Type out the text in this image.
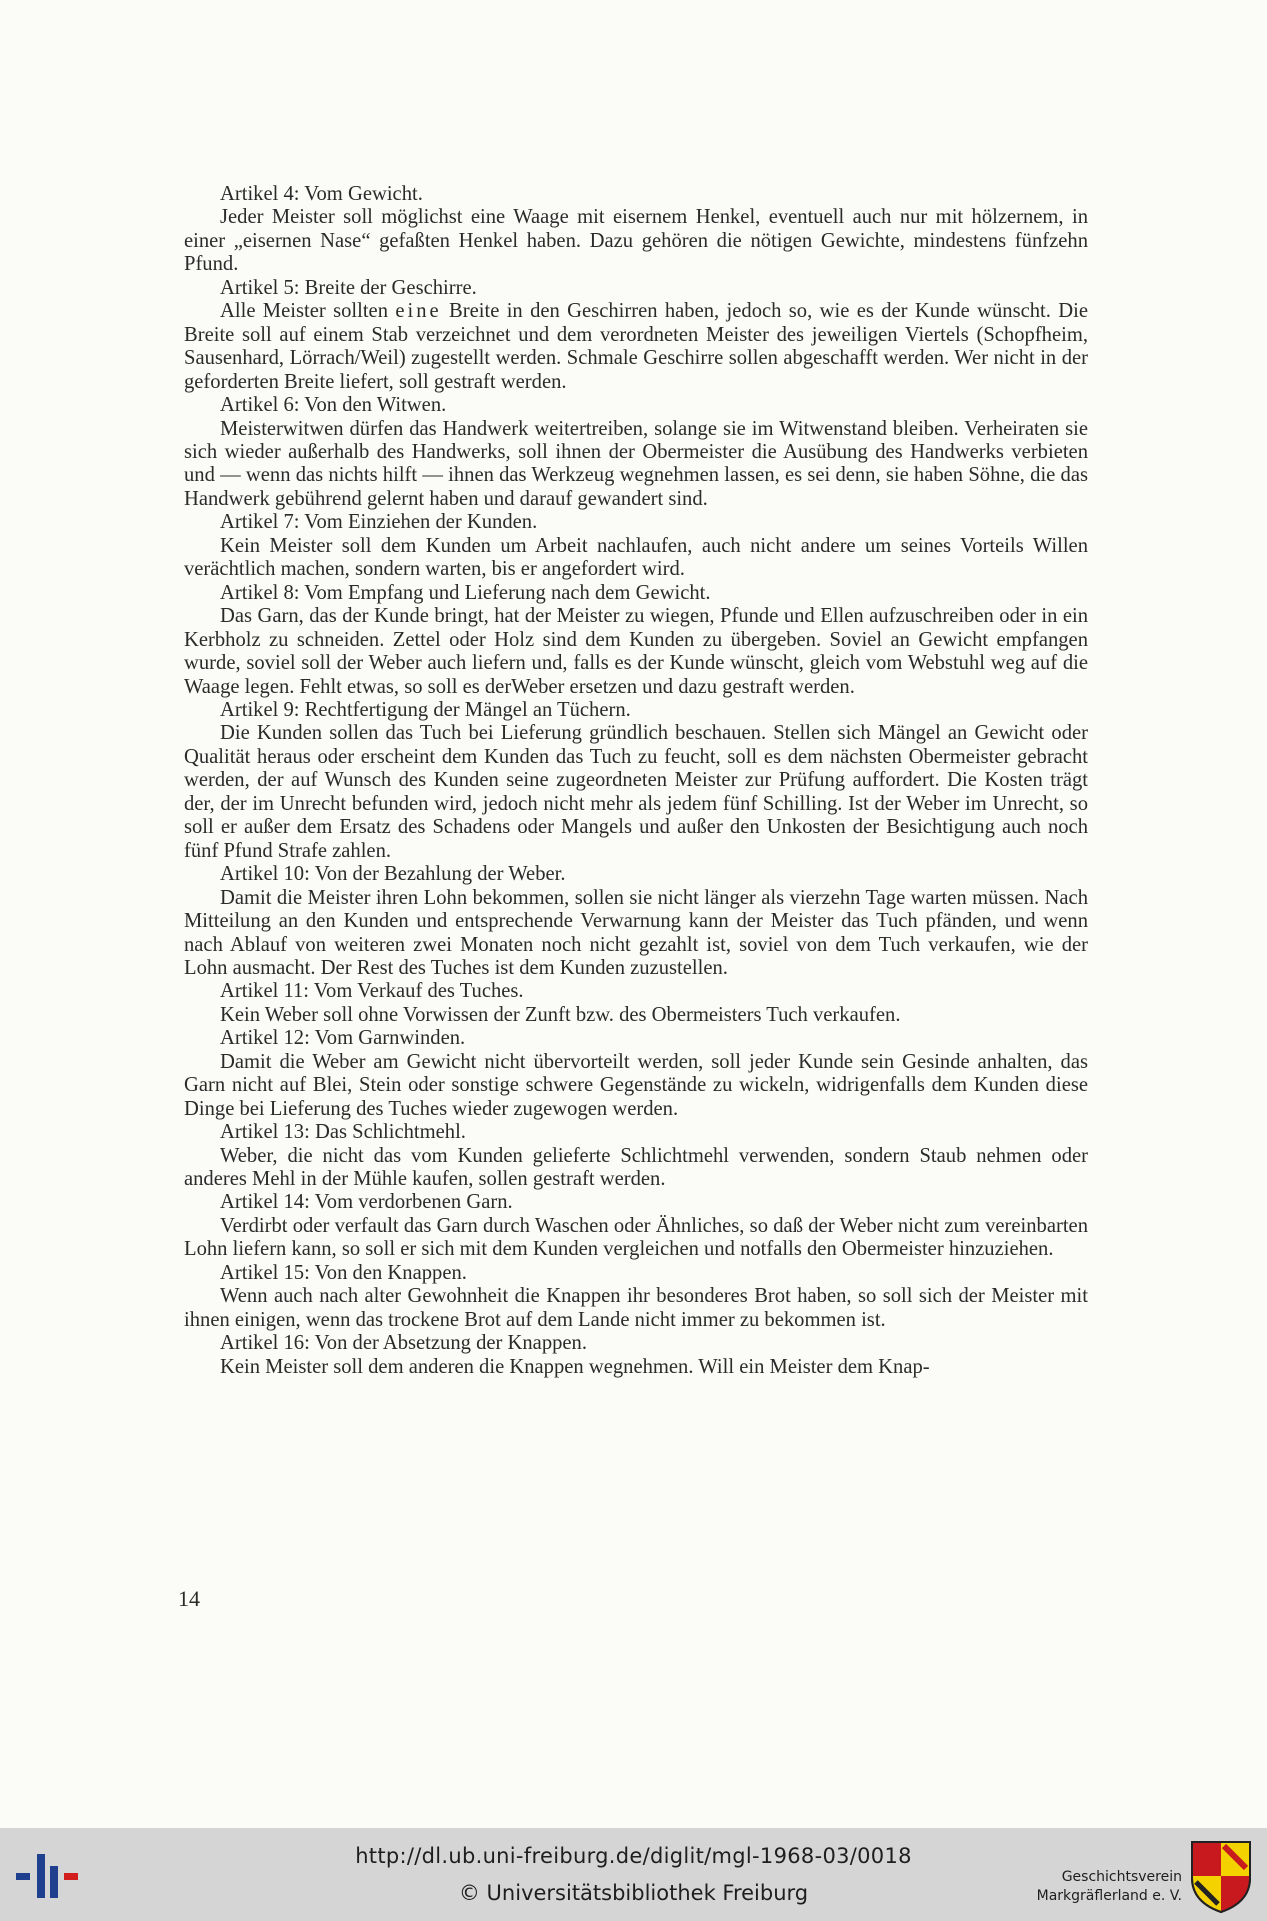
Artikel 4: Vom Gewicht.
Jeder Meister soll möglichst eine Waage mit eisernem Henkel, eventuell auch nur mit hölzernem, in einer „eisernen Nase“ gefaßten Henkel haben. Dazu gehören die nötigen Gewichte, mindestens fünfzehn Pfund.
Artikel 5: Breite der Geschirre.
Alle Meister sollten eine Breite in den Geschirren haben, jedoch so, wie es der Kunde wünscht. Die Breite soll auf einem Stab verzeichnet und dem verordneten Meister des jeweiligen Viertels (Schopfheim, Sausenhard, Lörrach/Weil) zugestellt werden. Schmale Geschirre sollen abgeschafft werden. Wer nicht in der geforderten Breite liefert, soll gestraft werden.
Artikel 6: Von den Witwen.
Meisterwitwen dürfen das Handwerk weitertreiben, solange sie im Witwenstand bleiben. Verheiraten sie sich wieder außerhalb des Handwerks, soll ihnen der Obermeister die Ausübung des Handwerks verbieten und — wenn das nichts hilft — ihnen das Werkzeug wegnehmen lassen, es sei denn, sie haben Söhne, die das Handwerk gebührend gelernt haben und darauf gewandert sind.
Artikel 7: Vom Einziehen der Kunden.
Kein Meister soll dem Kunden um Arbeit nachlaufen, auch nicht andere um seines Vorteils Willen verächtlich machen, sondern warten, bis er angefordert wird.
Artikel 8: Vom Empfang und Lieferung nach dem Gewicht.
Das Garn, das der Kunde bringt, hat der Meister zu wiegen, Pfunde und Ellen aufzuschreiben oder in ein Kerbholz zu schneiden. Zettel oder Holz sind dem Kunden zu übergeben. Soviel an Gewicht empfangen wurde, soviel soll der Weber auch liefern und, falls es der Kunde wünscht, gleich vom Webstuhl weg auf die Waage legen. Fehlt etwas, so soll es derWeber ersetzen und dazu gestraft werden.
Artikel 9: Rechtfertigung der Mängel an Tüchern.
Die Kunden sollen das Tuch bei Lieferung gründlich beschauen. Stellen sich Mängel an Gewicht oder Qualität heraus oder erscheint dem Kunden das Tuch zu feucht, soll es dem nächsten Obermeister gebracht werden, der auf Wunsch des Kunden seine zugeordneten Meister zur Prüfung auffordert. Die Kosten trägt der, der im Unrecht befunden wird, jedoch nicht mehr als jedem fünf Schilling. Ist der Weber im Unrecht, so soll er außer dem Ersatz des Schadens oder Mangels und außer den Unkosten der Besichtigung auch noch fünf Pfund Strafe zahlen.
Artikel 10: Von der Bezahlung der Weber.
Damit die Meister ihren Lohn bekommen, sollen sie nicht länger als vierzehn Tage warten müssen. Nach Mitteilung an den Kunden und entsprechende Verwarnung kann der Meister das Tuch pfänden, und wenn nach Ablauf von weiteren zwei Monaten noch nicht gezahlt ist, soviel von dem Tuch verkaufen, wie der Lohn ausmacht. Der Rest des Tuches ist dem Kunden zuzustellen.
Artikel 11: Vom Verkauf des Tuches.
Kein Weber soll ohne Vorwissen der Zunft bzw. des Obermeisters Tuch verkaufen.
Artikel 12: Vom Garnwinden.
Damit die Weber am Gewicht nicht übervorteilt werden, soll jeder Kunde sein Gesinde anhalten, das Garn nicht auf Blei, Stein oder sonstige schwere Gegenstände zu wickeln, widrigenfalls dem Kunden diese Dinge bei Lieferung des Tuches wieder zugewogen werden.
Artikel 13: Das Schlichtmehl.
Weber, die nicht das vom Kunden gelieferte Schlichtmehl verwenden, sondern Staub nehmen oder anderes Mehl in der Mühle kaufen, sollen gestraft werden.
Artikel 14: Vom verdorbenen Garn.
Verdirbt oder verfault das Garn durch Waschen oder Ähnliches, so daß der Weber nicht zum vereinbarten Lohn liefern kann, so soll er sich mit dem Kunden vergleichen und notfalls den Obermeister hinzuziehen.
Artikel 15: Von den Knappen.
Wenn auch nach alter Gewohnheit die Knappen ihr besonderes Brot haben, so soll sich der Meister mit ihnen einigen, wenn das trockene Brot auf dem Lande nicht immer zu bekommen ist.
Artikel 16: Von der Absetzung der Knappen.
Kein Meister soll dem anderen die Knappen wegnehmen. Will ein Meister dem Knap-
14
http://dl.ub.uni-freiburg.de/diglit/mgl-1968-03/0018
© Universitätsbibliothek Freiburg
Geschichtsverein
Markgräflerland e. V.
